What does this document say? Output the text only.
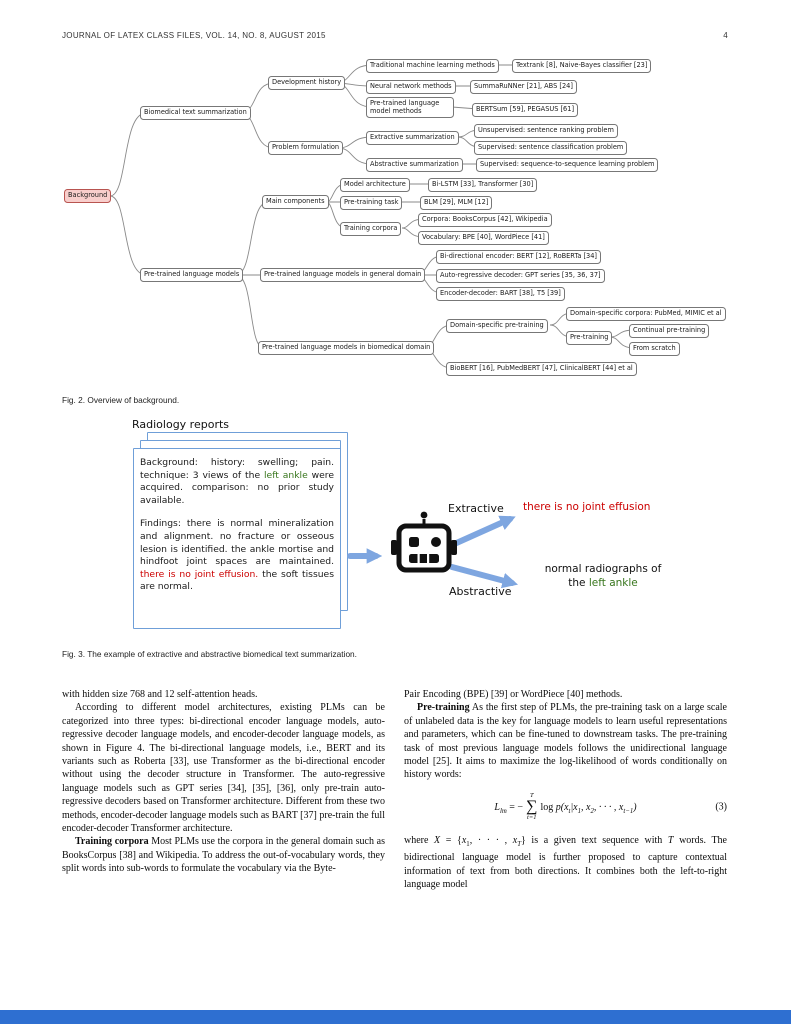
JOURNAL OF LATEX CLASS FILES, VOL. 14, NO. 8, AUGUST 2015	4
Background
Biomedical text summarization
Pre-trained language models
Development history
Problem formulation
Main components
Pre-trained language models in general domain
Pre-trained language models in biomedical domain
Traditional machine learning methods	Textrank [8], Naive-Bayes classifier [23]
Neural network methods	SummaRuNNer [21], ABS [24]
Pre-trained language model methods	BERTSum [59], PEGASUS [61]
Extractive summarization
Unsupervised: sentence ranking problem
Supervised: sentence classification problem
Abstractive summarization	Supervised: sequence-to-sequence learning problem
Model architecture	Bi-LSTM [33], Transformer [30]
Pre-training task	BLM [29], MLM [12]
Training corpora
Corpora: BooksCorpus [42], Wikipedia
Vocabulary: BPE [40], WordPiece [41]
Bi-directional encoder: BERT [12], RoBERTa [34]
Auto-regressive decoder: GPT series [35, 36, 37]
Encoder-decoder: BART [38], T5 [39]
Domain-specific pre-training
Domain-specific corpora: PubMed, MIMIC et al
Pre-training
Continual pre-training
From scratch
BioBERT [16], PubMedBERT [47], ClinicalBERT [44] et al
Fig. 2. Overview of background.
Radiology reports

Background: history: swelling; pain. technique: 3 views of the left ankle were acquired. comparison: no prior study available.

Findings: there is normal mineralization and alignment. no fracture or osseous lesion is identified. the ankle mortise and hindfoot joint spaces are maintained. there is no joint effusion. the soft tissues are normal.

Extractive
Abstractive
there is no joint effusion
normal radiographs of
the left ankle
Fig. 3. The example of extractive and abstractive biomedical text summarization.

with hidden size 768 and 12 self-attention heads.

According to different model architectures, existing PLMs can be categorized into three types: bi-directional encoder language models, auto-regressive decoder language models, and encoder-decoder language models, as shown in Figure 4. The bi-directional language models, i.e., BERT and its variants such as Roberta [33], use Transformer as the bi-directional encoder without using the decoder structure in Transformer. The auto-regressive language models such as GPT series [34], [35], [36], only pre-train auto-regressive decoders based on Transformer architecture. Different from these two methods, encoder-decoder language models such as BART [37] pre-train the full encoder-decoder Transformer architecture.

Training corpora Most PLMs use the corpora in the general domain such as BooksCorpus [38] and Wikipedia. To address the out-of-vocabulary words, they split words into sub-words to formulate the vocabulary via the Byte-

Pair Encoding (BPE) [39] or WordPiece [40] methods.

Pre-training As the first step of PLMs, the pre-training task on a large scale of unlabeled data is the key for language models to learn useful representations and parameters, which can be fine-tuned to downstream tasks. The pre-training task of most previous language models follows the unidirectional language model [25]. It aims to maximize the log-likelihood of words conditionally on history words:

$L_{lm}$ = −
T
∑
t=1
$\log p(x_t|x_1$, $x_2$, · · · , $x_{t-1}$)	(3)

where $X = \{x_1$, · · · , $x_T$} is a given text sequence with T words. The bidirectional language model is further proposed to capture contextual information of text from both directions. It combines both the left-to-right language model
